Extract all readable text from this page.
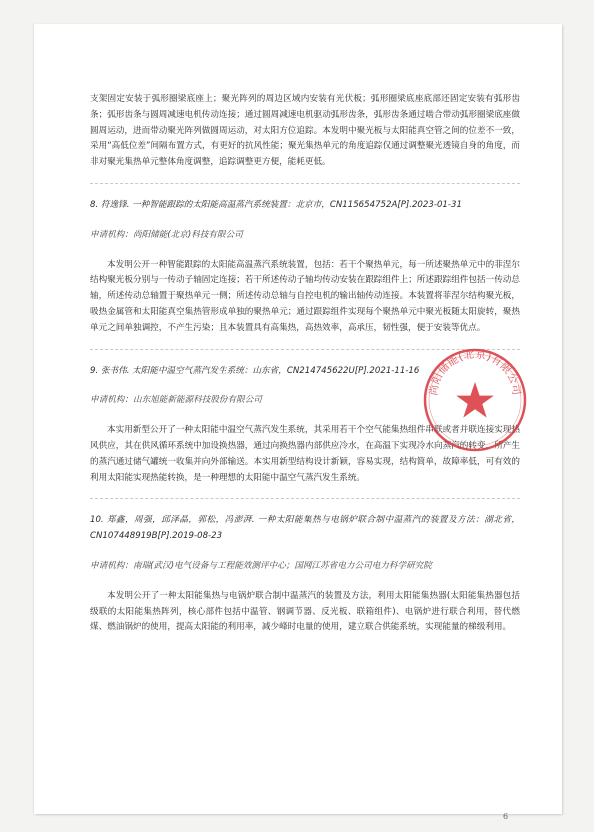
支架固定安装于弧形圈梁底座上；聚光阵列的周边区域内安装有光伏板；弧形圈梁底座底部还固定安装有弧形齿条；弧形齿条与圆周减速电机传动连接；通过圆周减速电机驱动弧形齿条，弧形齿条通过啮合带动弧形圈梁底座做圆周运动，进而带动聚光阵列做圆周运动，对太阳方位追踪。本发明中聚光板与太阳能真空管之间的位差不一致，采用“高低位差”间隔布置方式，有更好的抗风性能；聚光集热单元的角度追踪仅通过调整聚光透镜自身的角度，而非对聚光集热单元整体角度调整，追踪调整更方便，能耗更低。

8. 符逸锋. 一种智能跟踪的太阳能高温蒸汽系统装置：北京市，CN115654752A[P].2023-01-31

申请机构：尚阳储能(北京)科技有限公司

本发明公开一种智能跟踪的太阳能高温蒸汽系统装置，包括：若干个聚热单元，每一所述聚热单元中的菲涅尔结构聚光板分别与一传动子轴固定连接；若干所述传动子轴均传动安装在跟踪组件上；所述跟踪组件包括一传动总轴，所述传动总轴置于聚热单元一侧；所述传动总轴与自控电机的输出轴传动连接。本装置将菲涅尔结构聚光板，吸热金属管和太阳能真空集热管形成单独的聚热单元；通过跟踪组件实现每个聚热单元中聚光板随太阳旋转，聚热单元之间单独调控，不产生污染；且本装置具有高集热，高热效率，高承压，韧性强，便于安装等优点。

9. 张书伟. 太阳能中温空气蒸汽发生系统：山东省，CN214745622U[P].2021-11-16

申请机构：山东旭能新能源科技股份有限公司

本实用新型公开了一种太阳能中温空气蒸汽发生系统，其采用若干个空气能集热组件串联或者并联连接实现热风供应，其在供风循环系统中加设换热器，通过向换热器内部供应冷水，在高温下实现冷水向蒸汽的转变，所产生的蒸汽通过储气罐统一收集并向外部输送。本实用新型结构设计新颖，容易实现，结构简单，故障率低，可有效的利用太阳能实现热能转换，是一种理想的太阳能中温空气蒸汽发生系统。

10. 郑鑫，周强，邱泽晶，郭松，冯澎湃. 一种太阳能集热与电锅炉联合制中温蒸汽的装置及方法：湖北省，CN107448919B[P].2019-08-23

申请机构：南瑞(武汉)电气设备与工程能效测评中心；国网江苏省电力公司电力科学研究院

本发明公开了一种太阳能集热与电锅炉联合制中温蒸汽的装置及方法，利用太阳能集热器(太阳能集热器包括级联的太阳能集热阵列，核心部件包括中温管、钢调节器、反光板、联箱组件)、电锅炉进行联合利用，替代燃煤、燃油锅炉的使用，提高太阳能的利用率，减少峰时电量的使用，建立联合供能系统，实现能量的梯级利用。

尚阳储能(北京)有限公司
6
